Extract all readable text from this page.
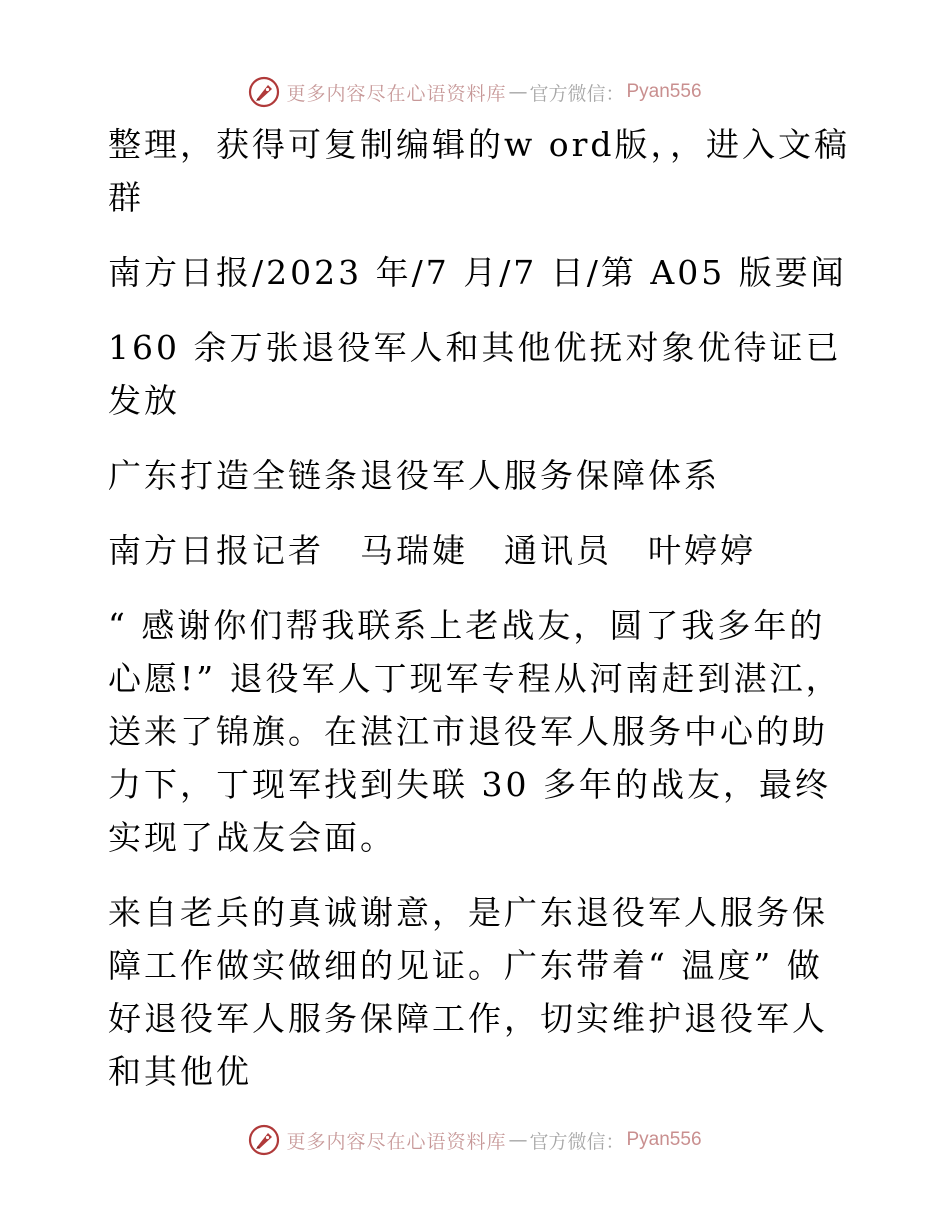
更多内容尽在心语资料库 — 官方微信： Pyan556

整理，获得可复制编辑的w ord版，，进入文稿群

南方日报/2023 年/7 月/7 日/第 A05 版要闻

160 余万张退役军人和其他优抚对象优待证已发放

广东打造全链条退役军人服务保障体系

南方日报记者　马瑞婕　通讯员　叶婷婷

“ 感谢你们帮我联系上老战友，圆了我多年的心愿!” 退役军人丁现军专程从河南赶到湛江，送来了锦旗。在湛江市退役军人服务中心的助力下，丁现军找到失联 30 多年的战友，最终实现了战友会面。

来自老兵的真诚谢意，是广东退役军人服务保障工作做实做细的见证。广东带着“ 温度” 做好退役军人服务保障工作，切实维护退役军人和其他优

更多内容尽在心语资料库 — 官方微信： Pyan556
